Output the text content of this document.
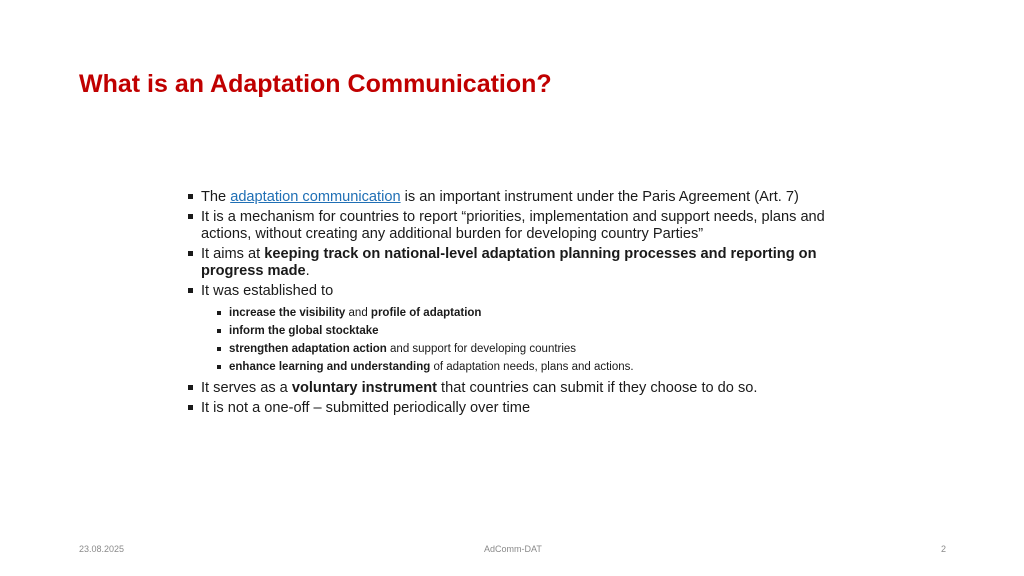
What is an Adaptation Communication?
The adaptation communication is an important instrument under the Paris Agreement (Art. 7)
It is a mechanism for countries to report “priorities, implementation and support needs, plans and actions, without creating any additional burden for developing country Parties”
It aims at keeping track on national-level adaptation planning processes and reporting on progress made.
It was established to
increase the visibility and profile of adaptation
inform the global stocktake
strengthen adaptation action and support for developing countries
enhance learning and understanding of adaptation needs, plans and actions.
It serves as a voluntary instrument that countries can submit if they choose to do so.
It is not a one-off – submitted periodically over time
23.08.2025	AdComm-DAT	2
